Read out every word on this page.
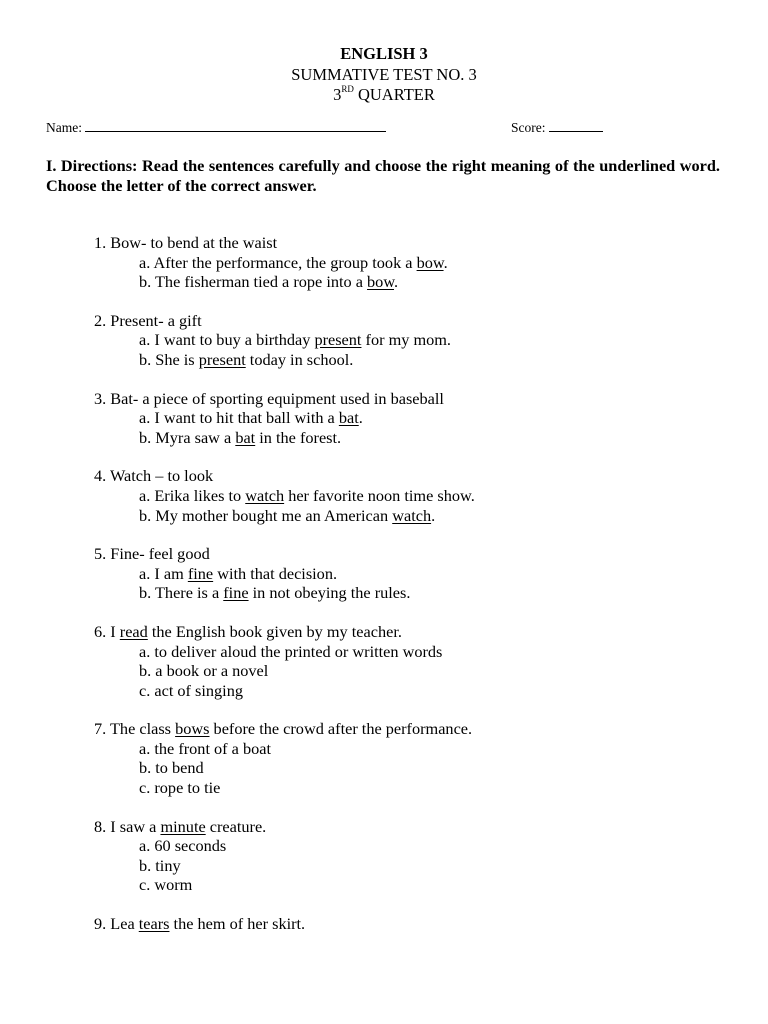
ENGLISH 3
SUMMATIVE TEST NO. 3
3RD QUARTER
Name:	Score:
I. Directions: Read the sentences carefully and choose the right meaning of the underlined word. Choose the letter of the correct answer.
1. Bow- to bend at the waist
a. After the performance, the group took a bow.
b. The fisherman tied a rope into a bow.
2. Present- a gift
a. I want to buy a birthday present for my mom.
b. She is present today in school.
3. Bat- a piece of sporting equipment used in baseball
a. I want to hit that ball with a bat.
b. Myra saw a bat in the forest.
4. Watch – to look
a. Erika likes to watch her favorite noon time show.
b. My mother bought me an American watch.
5. Fine- feel good
a. I am fine with that decision.
b. There is a fine in not obeying the rules.
6. I read the English book given by my teacher.
a. to deliver aloud the printed or written words
b. a book or a novel
c. act of singing
7. The class bows before the crowd after the performance.
a. the front of a boat
b. to bend
c. rope to tie
8. I saw a minute creature.
a. 60 seconds
b. tiny
c. worm
9. Lea tears the hem of her skirt.
